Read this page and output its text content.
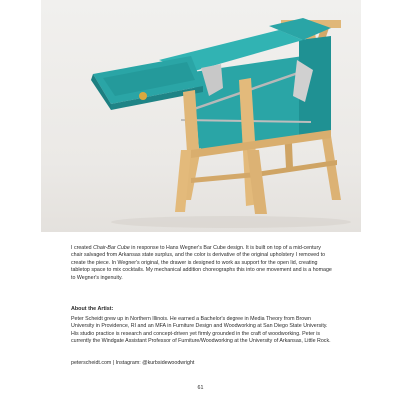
I created Chair-Bar Cube in response to Hans Wegner's Bar Cube design. It is built on top of a mid-century chair salvaged from Arkansas state surplus, and the color is derivative of the original upholstery I removed to create the piece. In Wegner's original, the drawer is designed to work as support for the open lid, creating tabletop space to mix cocktails. My mechanical addition choreographs this into one movement and is a homage to Wegner's ingenuity.

About the Artist:

Peter Scheidt grew up in Northern Illinois. He earned a Bachelor's degree in Media Theory from Brown University in Providence, RI and an MFA in Furniture Design and Woodworking at San Diego State University. His studio practice is research and concept-driven yet firmly grounded in the craft of woodworking. Peter is currently the Windgate Assistant Professor of Furniture/Woodworking at the University of Arkansas, Little Rock.

peterscheidt.com | Instagram: @kurbsidewoodwright

61
